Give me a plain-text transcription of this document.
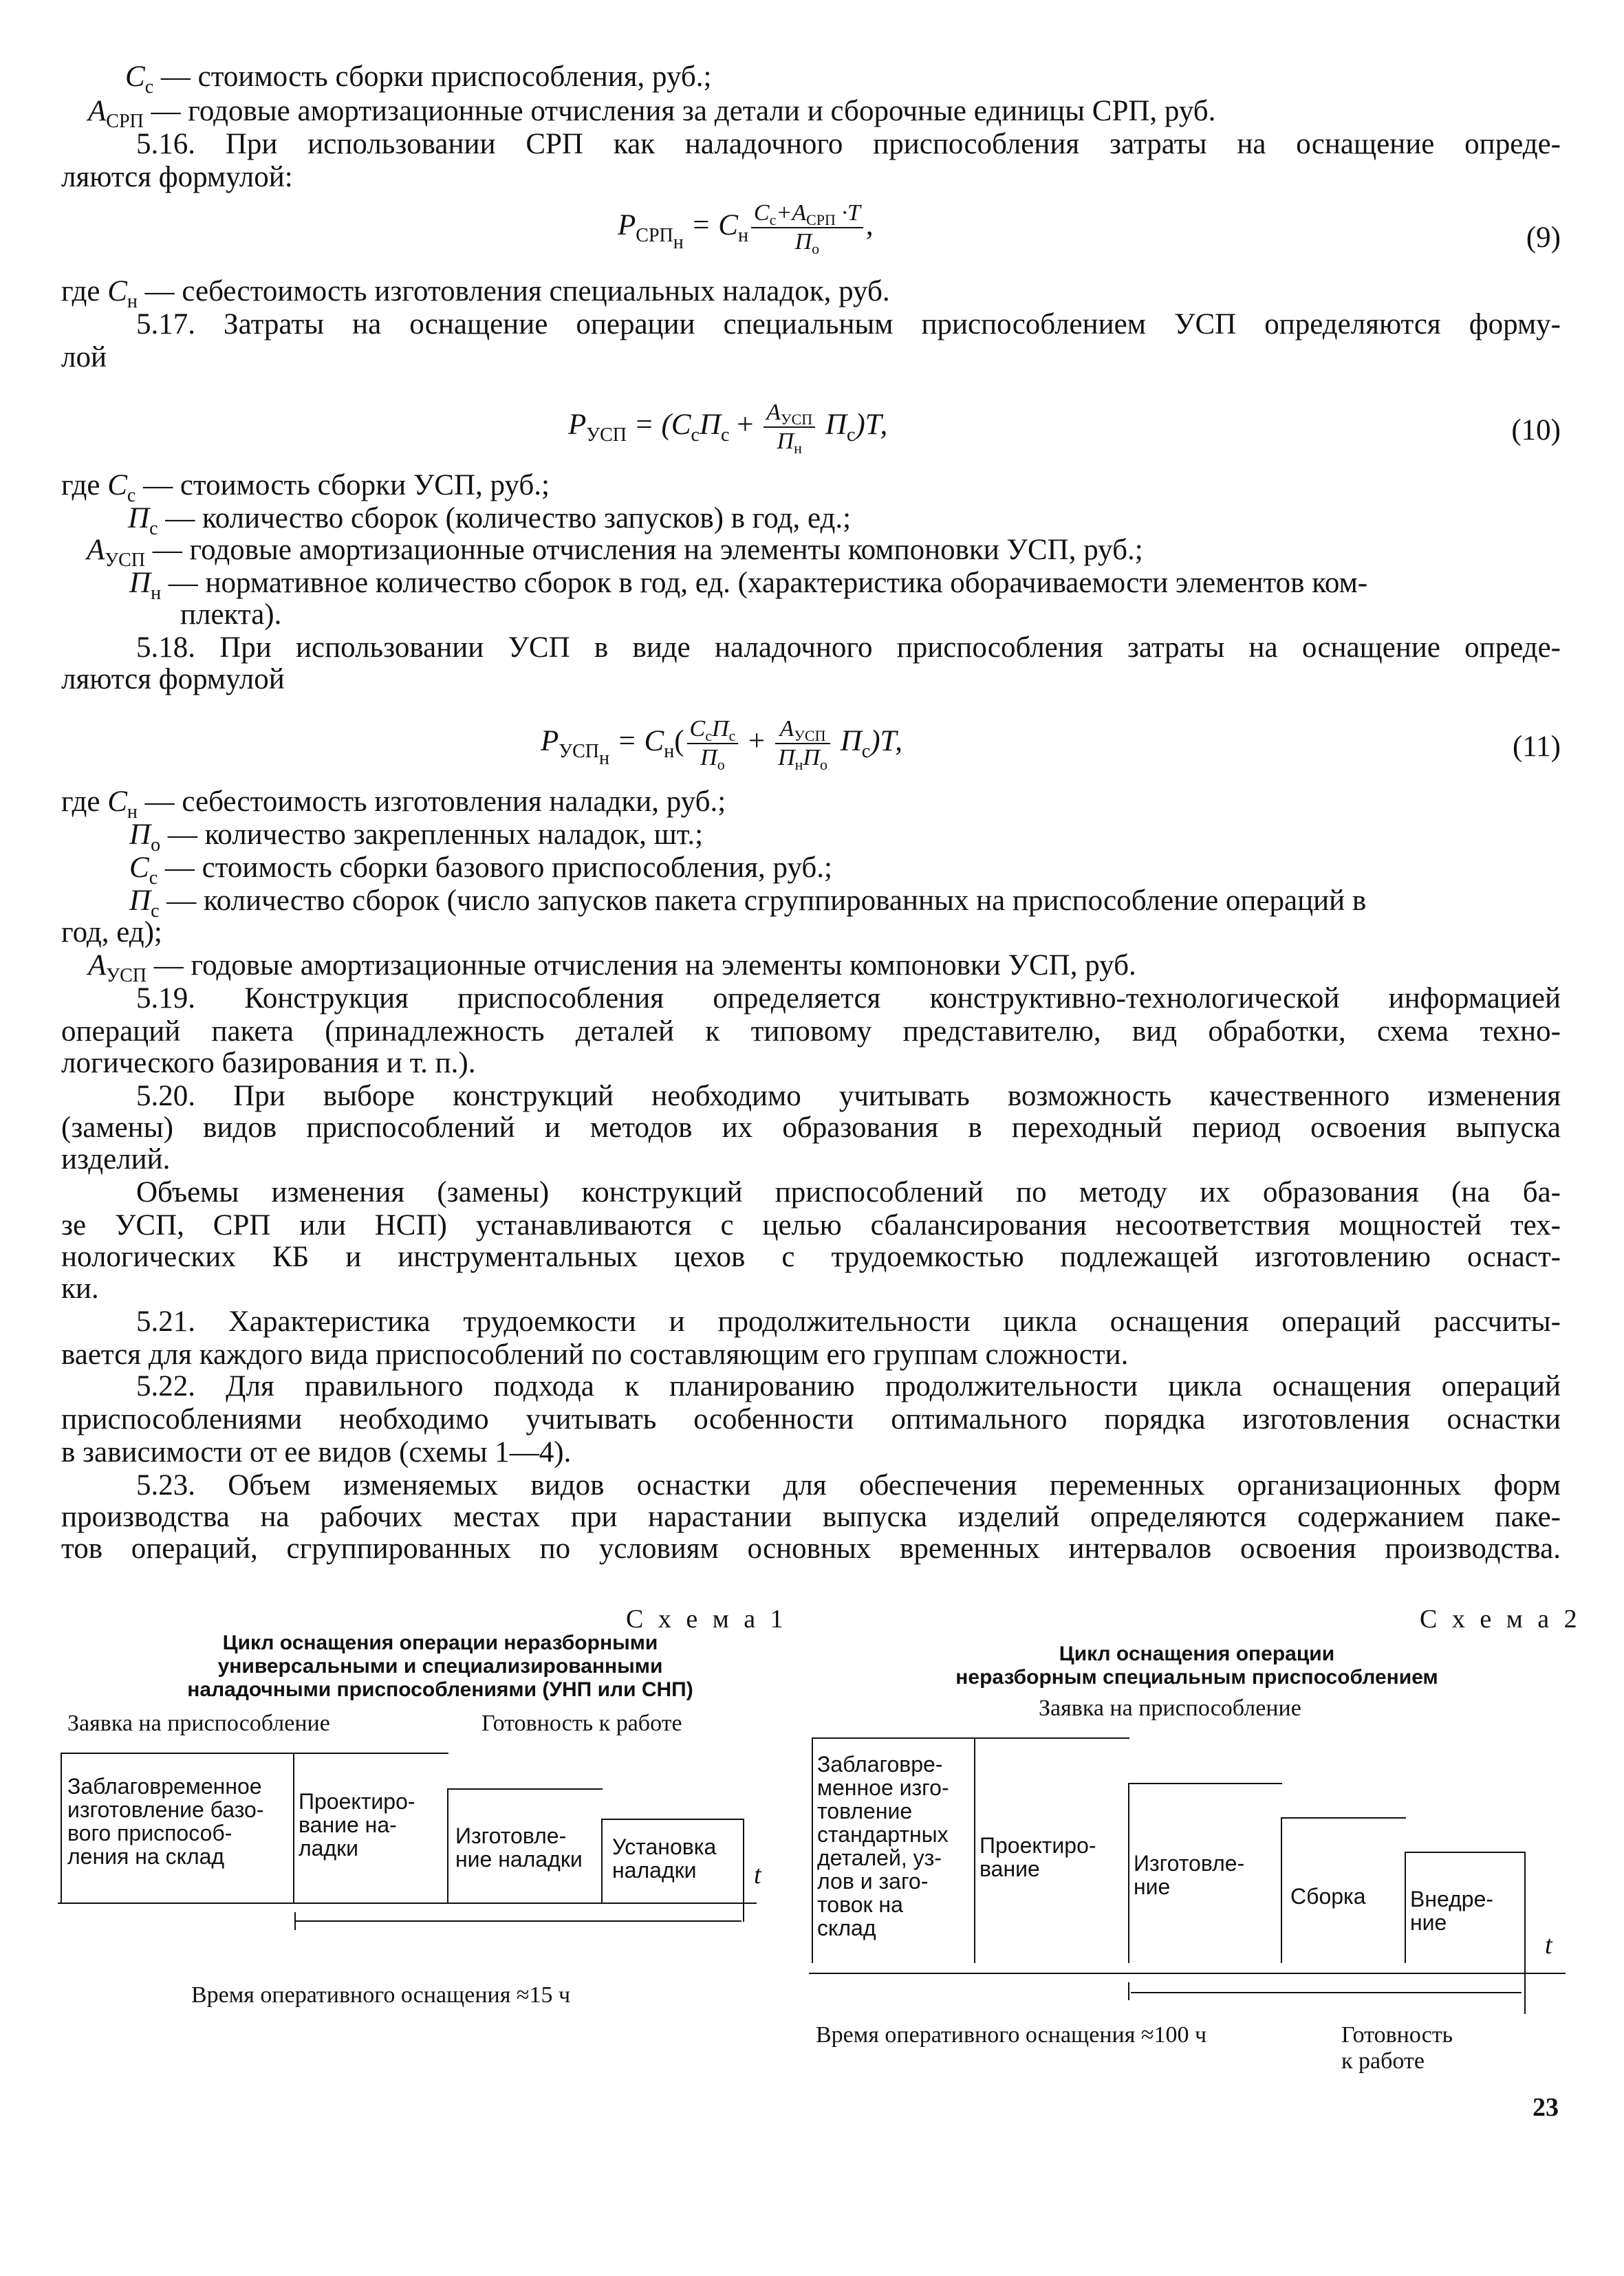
$С_с$ — стоимость сборки приспособления, руб.;
$А_{СРП}$ — годовые амортизационные отчисления за детали и сборочные единицы СРП, руб.
5.16. При использовании СРП как наладочного приспособления затраты на оснащение опреде-
ляются формулой:
$Р_{СРП_н} = С_н \frac{С_с+А_{СРП} \cdot Т}{П_о}$ ,	(9)
где $С_н$ — себестоимость изготовления специальных наладок, руб.
5.17. Затраты на оснащение операции специальным приспособлением УСП определяются форму-
лой
$Р_{УСП} = (С_сП_с + \frac{А_{УСП}}{П_н} П_с)Т$,	(10)
где $С_с$ — стоимость сборки УСП, руб.;
$П_с$ — количество сборок (количество запусков) в год, ед.;
$А_{УСП}$ — годовые амортизационные отчисления на элементы компоновки УСП, руб.;
$П_н$ — нормативное количество сборок в год, ед. (характеристика оборачиваемости элементов ком-
плекта).
5.18. При использовании УСП в виде наладочного приспособления затраты на оснащение опреде-
ляются формулой
$Р_{УСП_н} = С_н( \frac{С_сП_с}{П_о} + \frac{А_{УСП}}{П_нП_о} П_с)Т$,	(11)
где $С_н$ — себестоимость изготовления наладки, руб.;
$П_о$ — количество закрепленных наладок, шт.;
$С_с$ — стоимость сборки базового приспособления, руб.;
$П_с$ — количество сборок (число запусков пакета сгруппированных на приспособление операций в
год, ед);
$А_{УСП}$ — годовые амортизационные отчисления на элементы компоновки УСП, руб.
5.19. Конструкция приспособления определяется конструктивно-технологической информацией
операций пакета (принадлежность деталей к типовому представителю, вид обработки, схема техно-
логического базирования и т. п.).
5.20. При выборе конструкций необходимо учитывать возможность качественного изменения
(замены) видов приспособлений и методов их образования в переходный период освоения выпуска
изделий.
Объемы изменения (замены) конструкций приспособлений по методу их образования (на ба-
зе УСП, СРП или НСП) устанавливаются с целью сбалансирования несоответствия мощностей тех-
нологических КБ и инструментальных цехов с трудоемкостью подлежащей изготовлению оснаст-
ки.
5.21. Характеристика трудоемкости и продолжительности цикла оснащения операций рассчиты-
вается для каждого вида приспособлений по составляющим его группам сложности.
5.22. Для правильного подхода к планированию продолжительности цикла оснащения операций
приспособлениями необходимо учитывать особенности оптимального порядка изготовления оснастки
в зависимости от ее видов (схемы 1—4).
5.23. Объем изменяемых видов оснастки для обеспечения переменных организационных форм
производства на рабочих местах при нарастании выпуска изделий определяются содержанием паке-
тов операций, сгруппированных по условиям основных временных интервалов освоения производства.
С х е м а 1
Цикл оснащения операции неразборными
универсальными и специализированными
наладочными приспособлениями (УНП или СНП)
Заявка на приспособление	Готовность к работе
Заблаговременное
изготовление базо-
вого приспособ-
ления на склад
Проектиро-
вание на-
ладки	Изготовле-
ние наладки Установка
наладки	t
Время оперативного оснащения ≈15 ч
С х е м а 2
Цикл оснащения операции
неразборным специальным приспособлением
Заявка на приспособление
Заблаговре-
менное изго-
товление
стандартных
деталей, уз-
лов и заго-
товок на
склад
Проектиро-
вание	Изготовле-
ние	Сборка Внедре-
ние
t
Время оперативного оснащения ≈100 ч	Готовность
к работе
23
